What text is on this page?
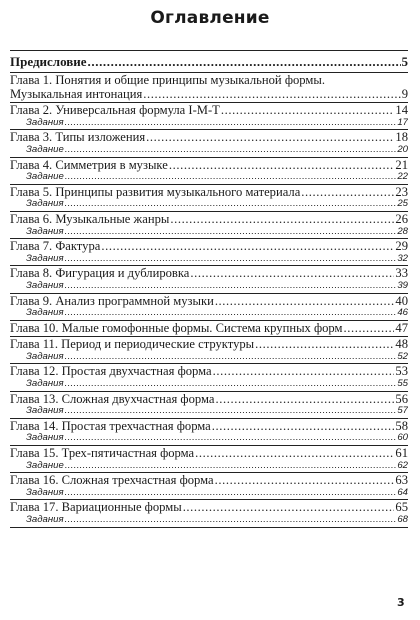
Оглавление
Предисловие .....	5
Глава 1. Понятия и общие принципы музыкальной формы.
Музыкальная интонация .....	9
Глава 2. Универсальная формула I-M-T .....	14
Задания .....	17
Глава 3. Типы изложения .....	18
Задание .....	20
Глава 4. Симметрия в музыке .....	21
Задание .....	22
Глава 5. Принципы развития музыкального материала .....	23
Задания .....	25
Глава 6. Музыкальные жанры .....	26
Задания .....	28
Глава 7. Фактура .....	29
Задания .....	32
Глава 8. Фигурация и дублировка .....	33
Задания .....	39
Глава 9. Анализ программной музыки .....	40
Задания .....	46
Глава 10. Малые гомофонные формы. Система крупных форм .....	47
Глава 11. Период и периодические структуры .....	48
Задания .....	52
Глава 12. Простая двухчастная форма .....	53
Задания .....	55
Глава 13. Сложная двухчастная форма .....	56
Задания .....	57
Глава 14. Простая трехчастная форма .....	58
Задания .....	60
Глава 15. Трех-пятичастная форма .....	61
Задание .....	62
Глава 16. Сложная трехчастная форма .....	63
Задания .....	64
Глава 17. Вариационные формы .....	65
Задания .....	68
3
